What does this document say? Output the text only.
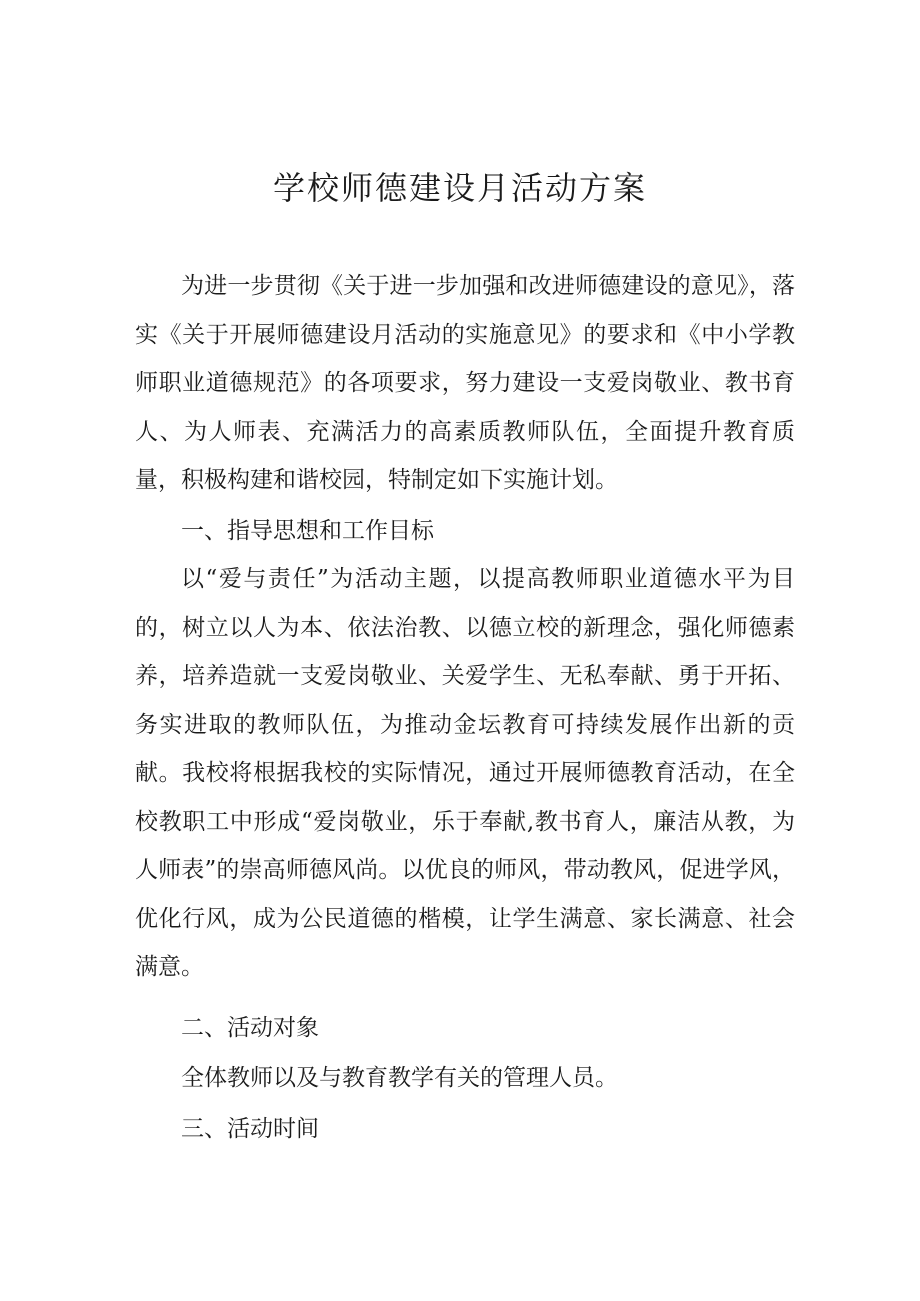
学校师德建设月活动方案

为进一步贯彻《关于进一步加强和改进师德建设的意见》，落实《关于开展师德建设月活动的实施意见》的要求和《中小学教师职业道德规范》的各项要求，努力建设一支爱岗敬业、教书育人、为人师表、充满活力的高素质教师队伍，全面提升教育质量，积极构建和谐校园，特制定如下实施计划。

一、指导思想和工作目标

以“爱与责任”为活动主题，以提高教师职业道德水平为目的，树立以人为本、依法治教、以德立校的新理念，强化师德素养，培养造就一支爱岗敬业、关爱学生、无私奉献、勇于开拓、务实进取的教师队伍，为推动金坛教育可持续发展作出新的贡献。我校将根据我校的实际情况，通过开展师德教育活动，在全校教职工中形成“爱岗敬业，乐于奉献,教书育人，廉洁从教，为人师表”的崇高师德风尚。以优良的师风，带动教风，促进学风，优化行风，成为公民道德的楷模，让学生满意、家长满意、社会满意。

二、活动对象

全体教师以及与教育教学有关的管理人员。

三、活动时间
